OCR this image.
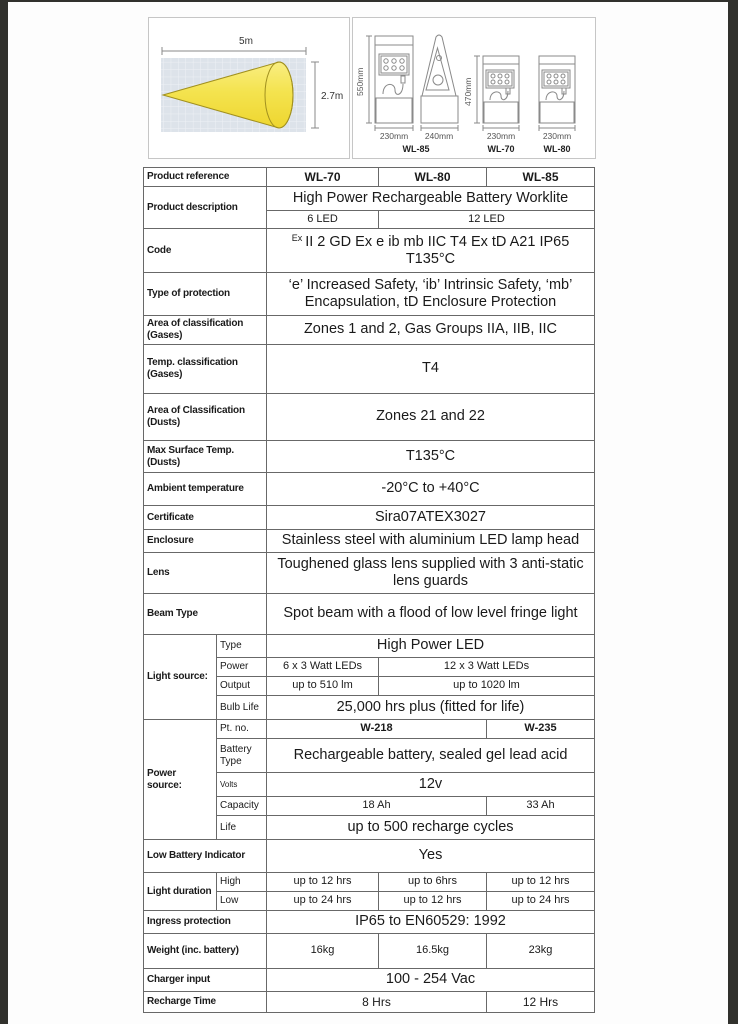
5m
2.7m
550mm	470mm
230mm 240mm	230mm	230mm
WL-85	WL-70	WL-80
Product reference		WL-70	WL-80	WL-85
Product description		High Power Rechargeable Battery Worklite		
		6 LED	12 LED	
Code		$^{Ex}$ II 2 GD Ex e ib mb IIC T4 Ex tD A21 IP65 T135°C		
Type of protection		‘e’ Increased Safety, ‘ib’ Intrinsic Safety, ‘mb’ Encapsulation, tD Enclosure Protection		
Area of classification (Gases)		Zones 1 and 2, Gas Groups IIA, IIB, IIC		
Temp. classification (Gases)		T4		
Area of Classification (Dusts)		Zones 21 and 22		
Max Surface Temp. (Dusts)		T135°C		
Ambient temperature		-20°C to +40°C		
Certificate		Sira07ATEX3027		
Enclosure		Stainless steel with aluminium LED lamp head		
Lens		Toughened glass lens supplied with 3 anti-static lens guards		
Beam Type		Spot beam with a flood of low level fringe light		
Light source:	Type	High Power LED		
	Power	6 x 3 Watt LEDs	12 x 3 Watt LEDs	
	Output	up to 510 lm	up to 1020 lm	
	Bulb Life	25,000 hrs plus (fitted for life)		
Power source:	Pt. no.	W-218		W-235
	Battery Type	Rechargeable battery, sealed gel lead acid		
	Volts	12v		
	Capacity	18 Ah		33 Ah
	Life	up to 500 recharge cycles		
Low Battery Indicator		Yes		
Light duration	High	up to 12 hrs	up to 6hrs	up to 12 hrs
	Low	up to 24 hrs	up to 12 hrs	up to 24 hrs
Ingress protection		IP65 to EN60529: 1992		
Weight (inc. battery)		16kg	16.5kg	23kg
Charger input		100 - 254 Vac		
Recharge Time		8 Hrs		12 Hrs
